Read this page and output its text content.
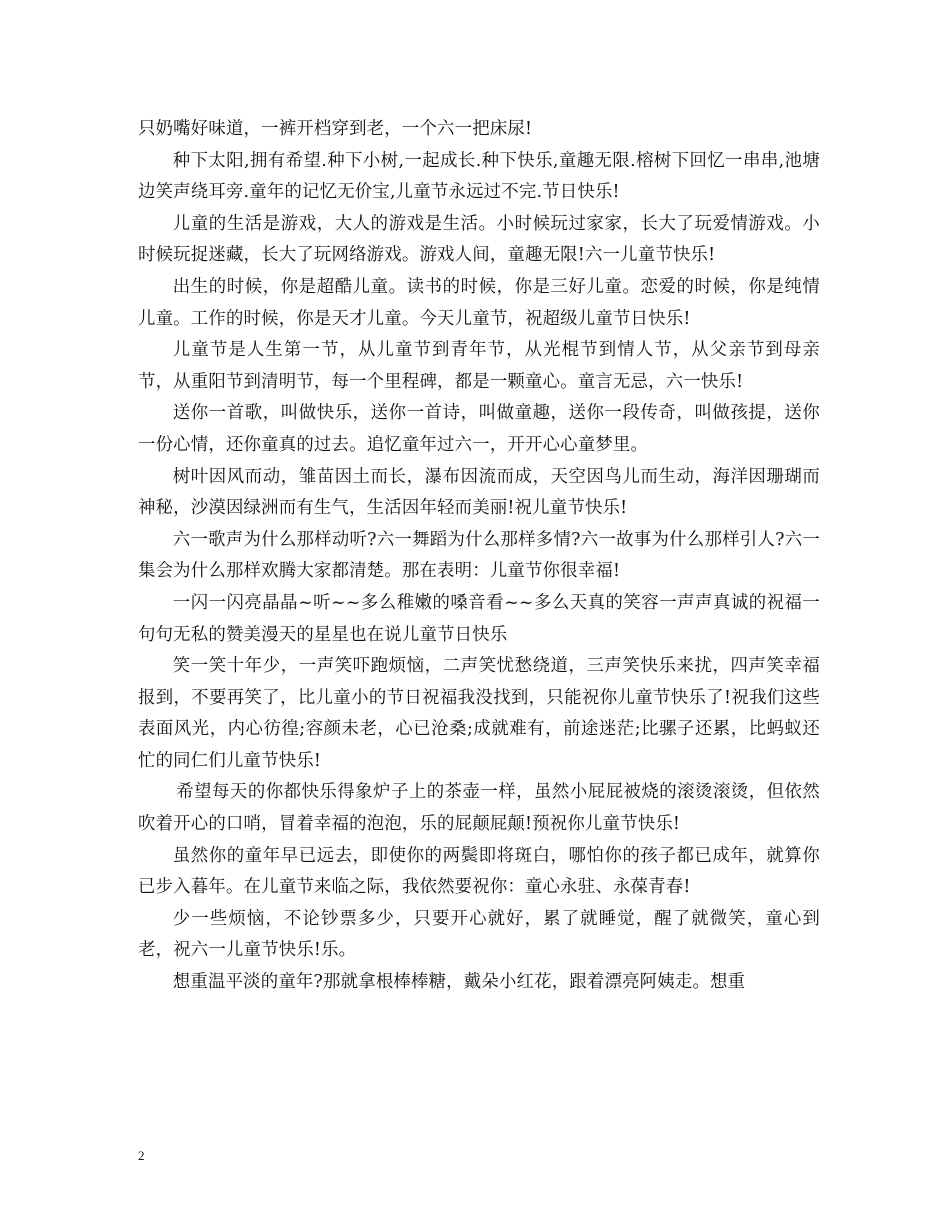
只奶嘴好味道，一裤开档穿到老，一个六一把床尿!

种下太阳,拥有希望.种下小树,一起成长.种下快乐,童趣无限.榕树下回忆一串串,池塘边笑声绕耳旁.童年的记忆无价宝,儿童节永远过不完.节日快乐!

儿童的生活是游戏，大人的游戏是生活。小时候玩过家家，长大了玩爱情游戏。小时候玩捉迷藏，长大了玩网络游戏。游戏人间，童趣无限!六一儿童节快乐!

出生的时候，你是超酷儿童。读书的时候，你是三好儿童。恋爱的时候，你是纯情儿童。工作的时候，你是天才儿童。今天儿童节，祝超级儿童节日快乐!

儿童节是人生第一节，从儿童节到青年节，从光棍节到情人节，从父亲节到母亲节，从重阳节到清明节，每一个里程碑，都是一颗童心。童言无忌，六一快乐!

送你一首歌，叫做快乐，送你一首诗，叫做童趣，送你一段传奇，叫做孩提，送你一份心情，还你童真的过去。追忆童年过六一，开开心心童梦里。

树叶因风而动，雏苗因土而长，瀑布因流而成，天空因鸟儿而生动，海洋因珊瑚而神秘，沙漠因绿洲而有生气，生活因年轻而美丽!祝儿童节快乐!

六一歌声为什么那样动听?六一舞蹈为什么那样多情?六一故事为什么那样引人?六一集会为什么那样欢腾大家都清楚。那在表明：儿童节你很幸福!

一闪一闪亮晶晶~听~~多么稚嫩的嗓音看~~多么天真的笑容一声声真诚的祝福一句句无私的赞美漫天的星星也在说儿童节日快乐

笑一笑十年少，一声笑吓跑烦恼，二声笑忧愁绕道，三声笑快乐来扰，四声笑幸福报到，不要再笑了，比儿童小的节日祝福我没找到，只能祝你儿童节快乐了!祝我们这些表面风光，内心彷徨;容颜未老，心已沧桑;成就难有，前途迷茫;比骡子还累，比蚂蚁还忙的同仁们儿童节快乐!

希望每天的你都快乐得象炉子上的茶壶一样，虽然小屁屁被烧的滚烫滚烫，但依然吹着开心的口哨，冒着幸福的泡泡，乐的屁颠屁颠!预祝你儿童节快乐!

虽然你的童年早已远去，即使你的两鬓即将斑白，哪怕你的孩子都已成年，就算你已步入暮年。在儿童节来临之际，我依然要祝你：童心永驻、永葆青春!

少一些烦恼，不论钞票多少，只要开心就好，累了就睡觉，醒了就微笑，童心到老，祝六一儿童节快乐!乐。

想重温平淡的童年?那就拿根棒棒糖，戴朵小红花，跟着漂亮阿姨走。想重

2
